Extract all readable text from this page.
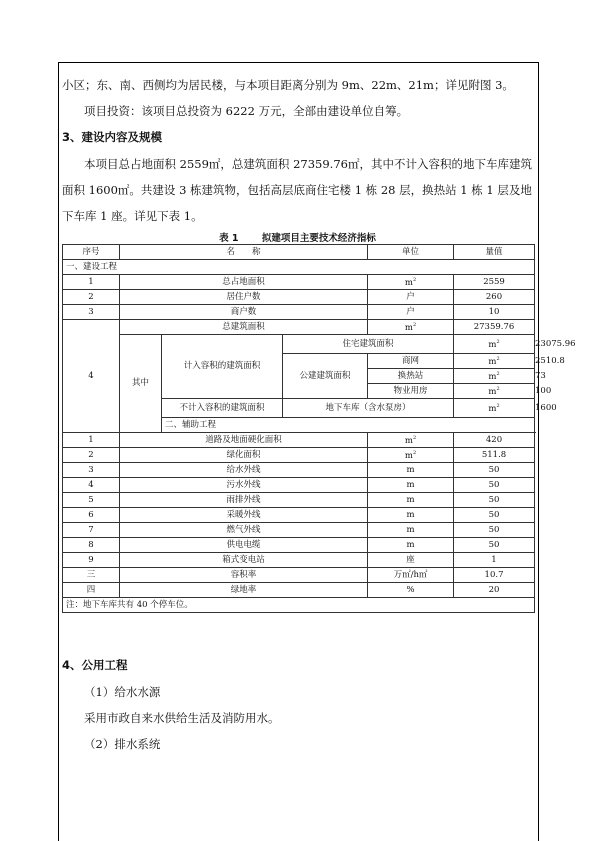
小区；东、南、西侧均为居民楼，与本项目距离分别为 9m、22m、21m；详见附图 3。
项目投资：该项目总投资为 6222 万元，全部由建设单位自筹。
3、建设内容及规模
本项目总占地面积 2559㎡，总建筑面积 27359.76㎡，其中不计入容积的地下车库建筑
面积 1600㎡。共建设 3 栋建筑物，包括高层底商住宅楼 1 栋 28 层，换热站 1 栋 1 层及地
下车库 1 座。详见下表 1。
表 1 拟建项目主要技术经济指标
序号	名　　称			单位	量值	
一、建设工程						
1	总占地面积			m 2	2559	
2	居住户数			户	260	
3	商户数			户	10	
4	总建筑面积			m 2	27359.76	
	其中	计入容积的建筑面积	住宅建筑面积		m 2	23075.96
			公建建筑面积	商网	m 2	2510.8
				换热站	m 2	73
				物业用房	m 2	100
		不计入容积的建筑面积	地下车库（含水泵房）		m 2	1600
		二、辅助工程				
1	道路及地面硬化面积			m 2	420	
2	绿化面积			m 2	511.8	
3	给水外线			m	50	
4	污水外线			m	50	
5	雨排外线			m	50	
6	采暖外线			m	50	
7	燃气外线			m	50	
8	供电电缆			m	50	
9	箱式变电站			座	1	
三	容积率			万㎡/h㎡	10.7	
四	绿地率			%	20	
注：地下车库共有 40 个停车位。						
4、公用工程
（1）给水水源
采用市政自来水供给生活及消防用水。
（2）排水系统
